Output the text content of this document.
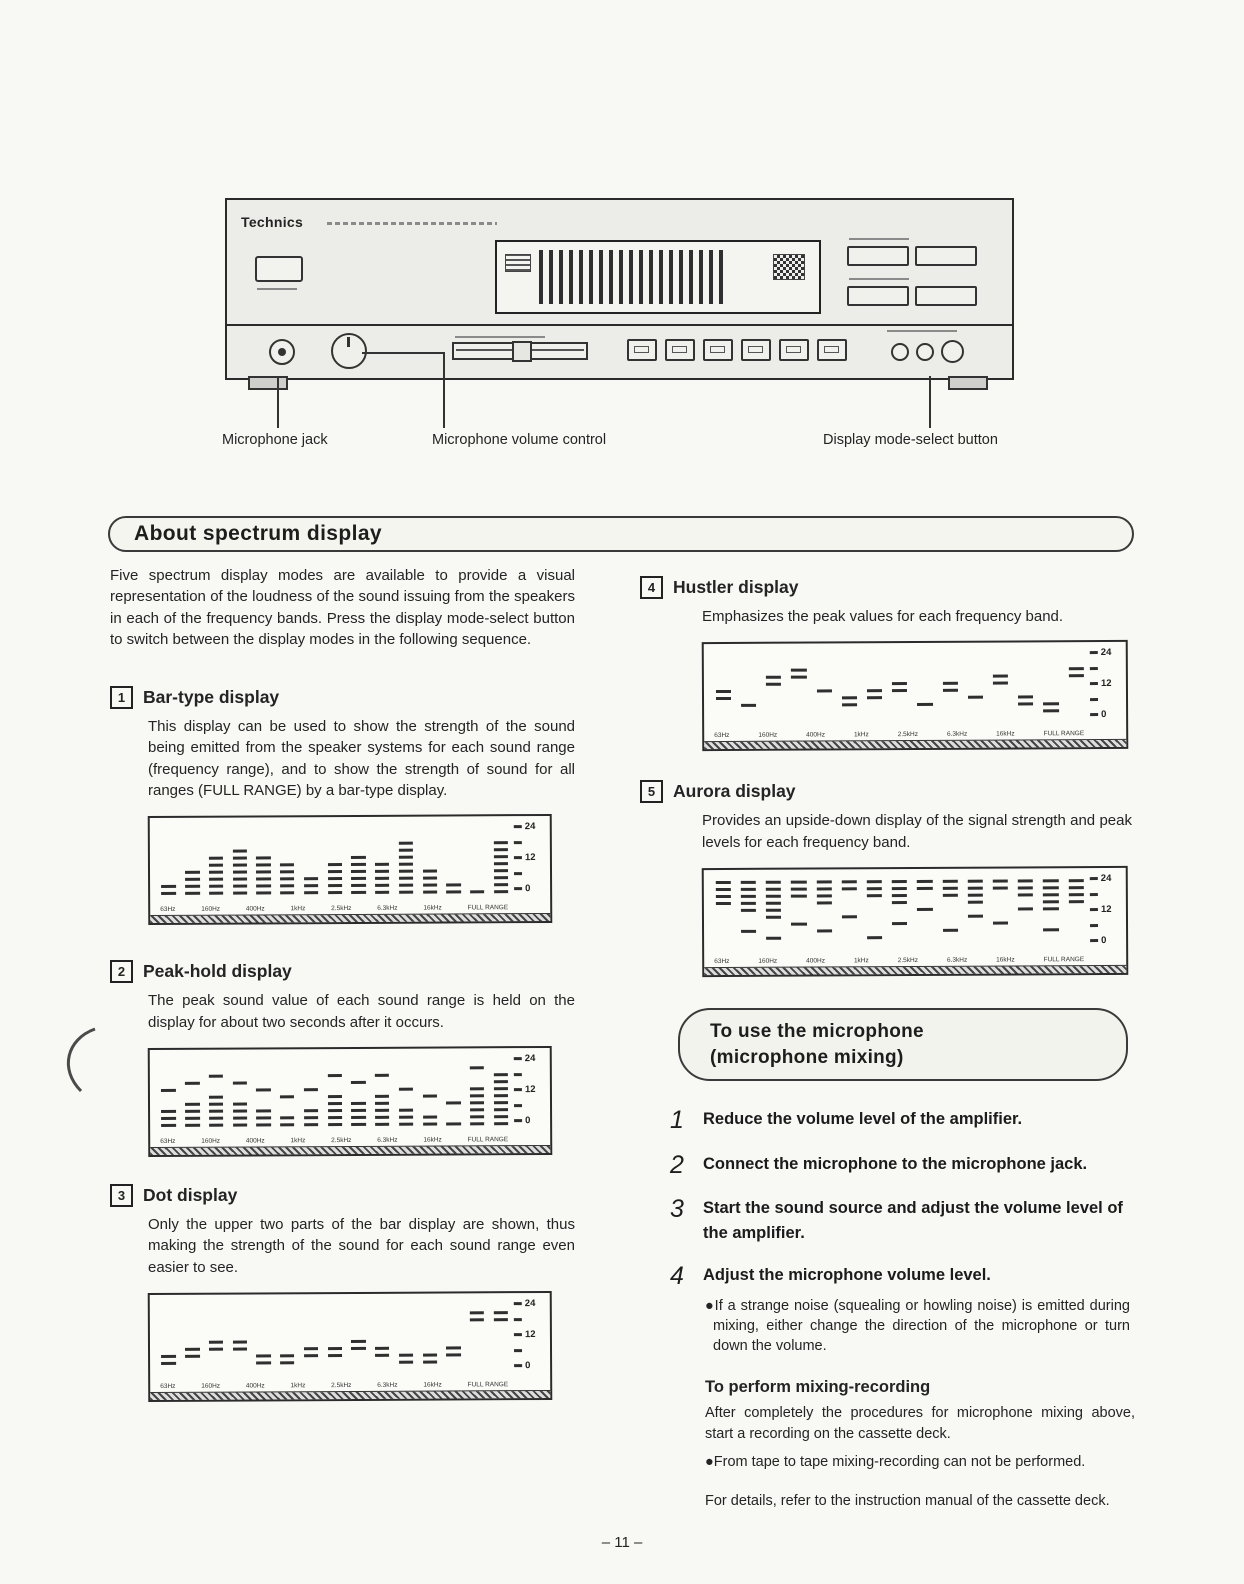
Technics
Microphone jack	Microphone volume control	Display mode-select button
About spectrum display

Five spectrum display modes are available to provide a visual representation of the loudness of the sound issuing from the speakers in each of the frequency bands. Press the display mode-select button to switch between the display modes in the following sequence.

1	Bar-type display

This display can be used to show the strength of the sound being emitted from the speaker systems for each sound range (frequency range), and to show the strength of sound for all ranges (FULL RANGE) by a bar-type display.

24
12
0
63Hz	160Hz	400Hz	1kHz	2.5kHz	6.3kHz	16kHz	FULL RANGE
2	Peak-hold display

The peak sound value of each sound range is held on the display for about two seconds after it occurs.

24
12
0
63Hz	160Hz	400Hz	1kHz	2.5kHz	6.3kHz	16kHz	FULL RANGE
3	Dot display

Only the upper two parts of the bar display are shown, thus making the strength of the sound for each sound range even easier to see.

24
12
0
63Hz	160Hz	400Hz	1kHz	2.5kHz	6.3kHz	16kHz	FULL RANGE
4	Hustler display

Emphasizes the peak values for each frequency band.

24
12
0
63Hz	160Hz	400Hz	1kHz	2.5kHz	6.3kHz	16kHz	FULL RANGE
5	Aurora display

Provides an upside-down display of the signal strength and peak levels for each frequency band.

24
12
0
63Hz	160Hz	400Hz	1kHz	2.5kHz	6.3kHz	16kHz	FULL RANGE
To use the microphone
(microphone mixing)
1	Reduce the volume level of the amplifier.
2	Connect the microphone to the microphone jack.
3	Start the sound source and adjust the volume level of the amplifier.
4	Adjust the microphone volume level.

●If a strange noise (squealing or howling noise) is emitted during mixing, either change the direction of the microphone or turn down the volume.

To perform mixing-recording

After completely the procedures for microphone mixing above, start a recording on the cassette deck.

●From tape to tape mixing-recording can not be performed.

For details, refer to the instruction manual of the cassette deck.

– 11 –
